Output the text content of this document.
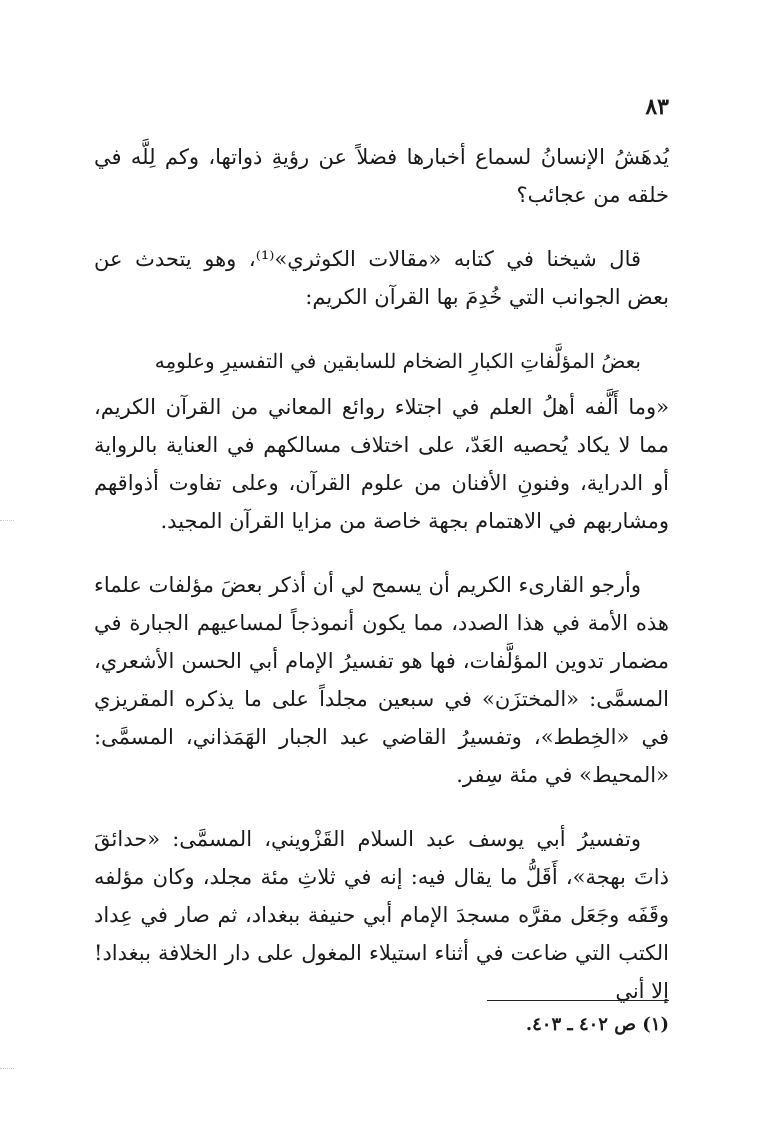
٨٣

يُدهَشُ الإنسانُ لسماع أخبارها فضلاً عن رؤيةِ ذواتها، وكم لِلَّه في خلقه من عجائب؟

قال شيخنا في كتابه «مقالات الكوثري»⁽¹⁾، وهو يتحدث عن بعض الجوانب التي خُدِمَ بها القرآن الكريم:

بعضُ المؤلَّفاتِ الكبارِ الضخام للسابقين في التفسيرِ وعلومِه

«وما أَلَّفه أهلُ العلم في اجتلاء روائع المعاني من القرآن الكريم، مما لا يكاد يُحصيه العَدّ، على اختلاف مسالكهم في العناية بالرواية أو الدراية، وفنونِ الأفنان من علوم القرآن، وعلى تفاوت أذواقهم ومشاربهم في الاهتمام بجهة خاصة من مزايا القرآن المجيد.

وأرجو القارىء الكريم أن يسمح لي أن أذكر بعضَ مؤلفات علماء هذه الأمة في هذا الصدد، مما يكون أنموذجاً لمساعيهم الجبارة في مضمار تدوين المؤلَّفات، فها هو تفسيرُ الإمام أبي الحسن الأشعري، المسمَّى: «المختزَن» في سبعين مجلداً على ما يذكره المقريزي في «الخِطط»، وتفسيرُ القاضي عبد الجبار الهَمَذاني، المسمَّى: «المحيط» في مئة سِفر.

وتفسيرُ أبي يوسف عبد السلام القَزْويني، المسمَّى: «حدائقَ ذاتَ بهجة»، أَقَلُّ ما يقال فيه: إنه في ثلاثِ مئة مجلد، وكان مؤلفه وقَفَه وجَعَل مقرَّه مسجدَ الإمام أبي حنيفة ببغداد، ثم صار في عِداد الكتب التي ضاعت في أثناء استيلاء المغول على دار الخلافة ببغداد! إلا أني

(١) ص ٤٠٢ ـ ٤٠٣.
